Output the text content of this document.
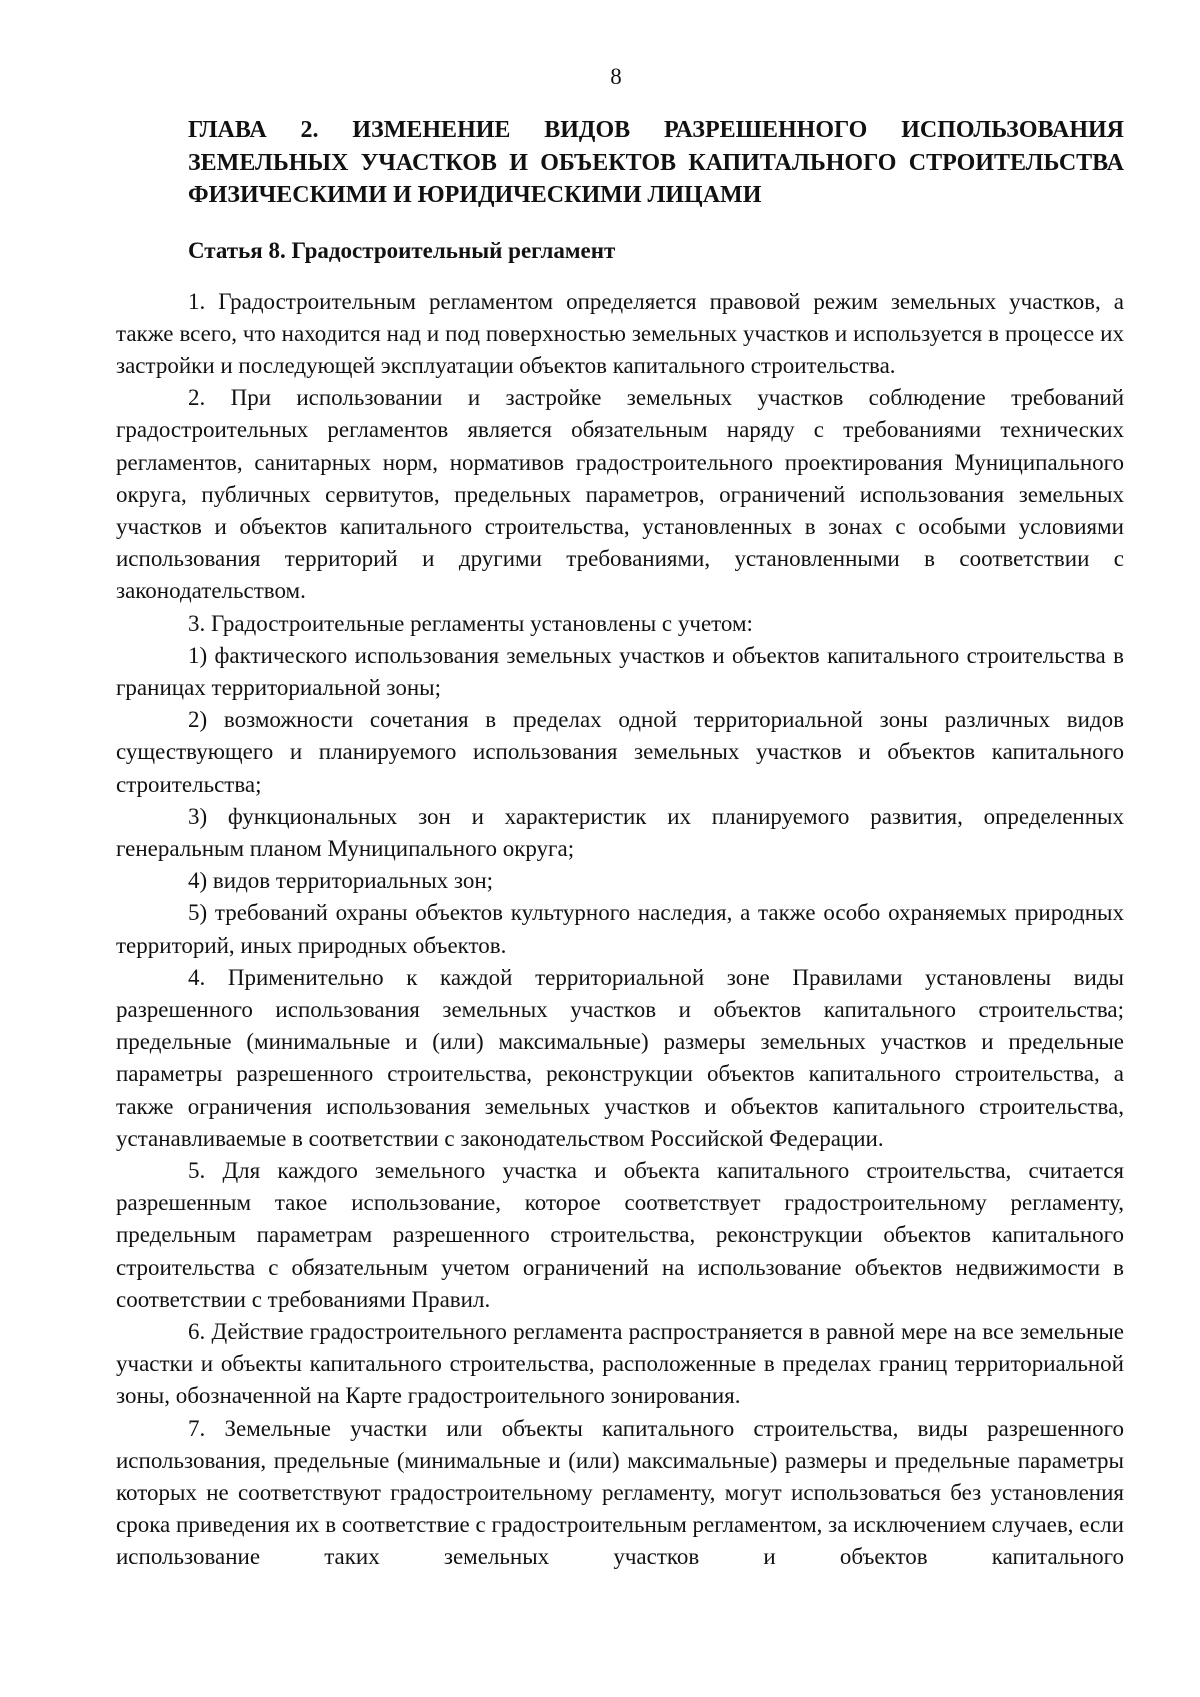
8
ГЛАВА 2. ИЗМЕНЕНИЕ ВИДОВ РАЗРЕШЕННОГО ИСПОЛЬЗОВАНИЯ ЗЕМЕЛЬНЫХ УЧАСТКОВ И ОБЪЕКТОВ КАПИТАЛЬНОГО СТРОИТЕЛЬСТВА ФИЗИЧЕСКИМИ И ЮРИДИЧЕСКИМИ ЛИЦАМИ
Статья 8. Градостроительный регламент

1. Градостроительным регламентом определяется правовой режим земельных участков, а также всего, что находится над и под поверхностью земельных участков и используется в процессе их застройки и последующей эксплуатации объектов капитального строительства.

2. При использовании и застройке земельных участков соблюдение требований градостроительных регламентов является обязательным наряду с требованиями технических регламентов, санитарных норм, нормативов градостроительного проектирования Муниципального округа, публичных сервитутов, предельных параметров, ограничений использования земельных участков и объектов капитального строительства, установленных в зонах с особыми условиями использования территорий и другими требованиями, установленными в соответствии с законодательством.

3. Градостроительные регламенты установлены с учетом:

1) фактического использования земельных участков и объектов капитального строительства в границах территориальной зоны;

2) возможности сочетания в пределах одной территориальной зоны различных видов существующего и планируемого использования земельных участков и объектов капитального строительства;

3) функциональных зон и характеристик их планируемого развития, определенных генеральным планом Муниципального округа;

4) видов территориальных зон;

5) требований охраны объектов культурного наследия, а также особо охраняемых природных территорий, иных природных объектов.

4. Применительно к каждой территориальной зоне Правилами установлены виды разрешенного использования земельных участков и объектов капитального строительства; предельные (минимальные и (или) максимальные) размеры земельных участков и предельные параметры разрешенного строительства, реконструкции объектов капитального строительства, а также ограничения использования земельных участков и объектов капитального строительства, устанавливаемые в соответствии с законодательством Российской Федерации.

5. Для каждого земельного участка и объекта капитального строительства, считается разрешенным такое использование, которое соответствует градостроительному регламенту, предельным параметрам разрешенного строительства, реконструкции объектов капитального строительства с обязательным учетом ограничений на использование объектов недвижимости в соответствии с требованиями Правил.

6. Действие градостроительного регламента распространяется в равной мере на все земельные участки и объекты капитального строительства, расположенные в пределах границ территориальной зоны, обозначенной на Карте градостроительного зонирования.

7. Земельные участки или объекты капитального строительства, виды разрешенного использования, предельные (минимальные и (или) максимальные) размеры и предельные параметры которых не соответствуют градостроительному регламенту, могут использоваться без установления срока приведения их в соответствие с градостроительным регламентом, за исключением случаев, если использование таких земельных участков и объектов капитального
